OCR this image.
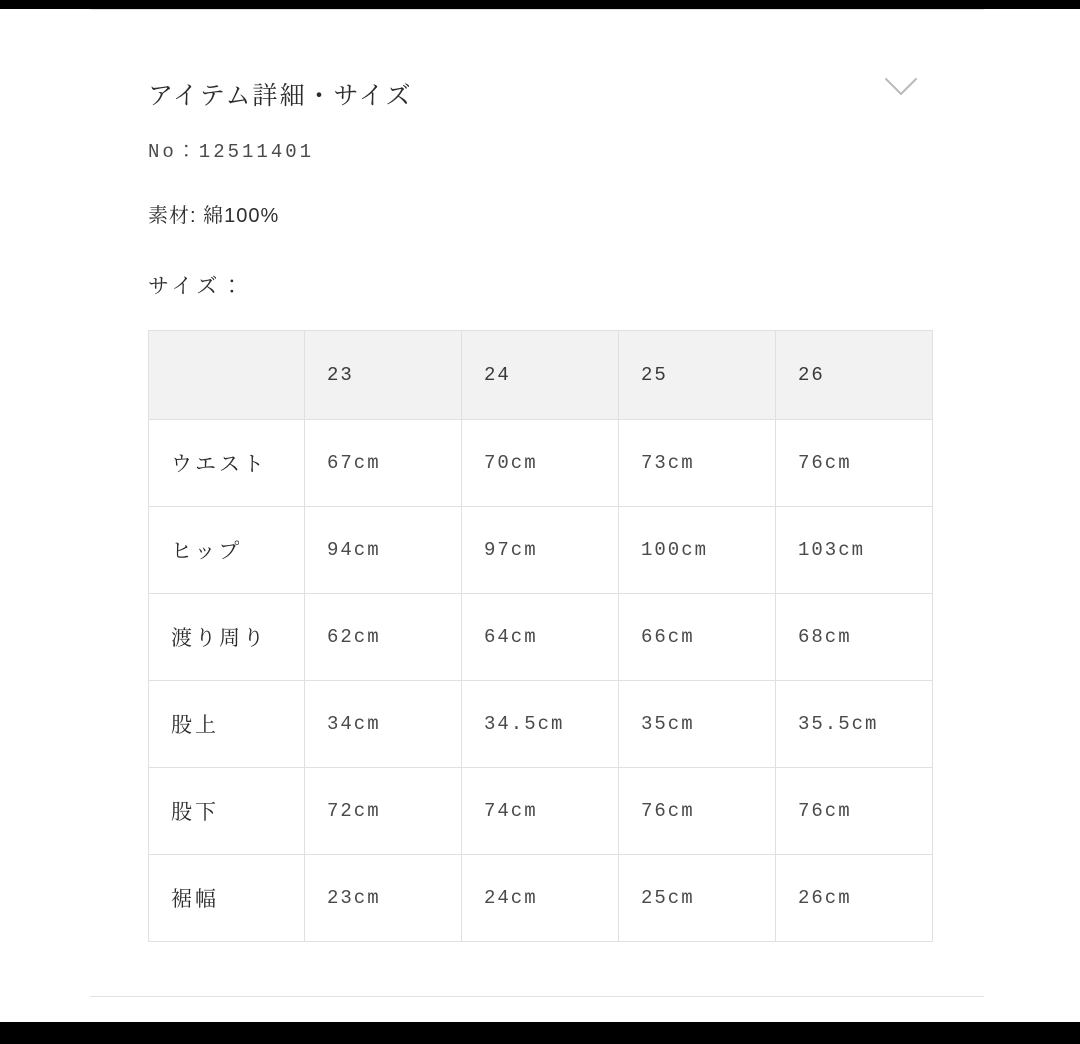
アイテム詳細・サイズ
No：12511401
素材: 綿100%
サイズ：
	23	24	25	26
ウエスト	67cm	70cm	73cm	76cm
ヒップ	94cm	97cm	100cm	103cm
渡り周り	62cm	64cm	66cm	68cm
股上	34cm	34.5cm	35cm	35.5cm
股下	72cm	74cm	76cm	76cm
裾幅	23cm	24cm	25cm	26cm
